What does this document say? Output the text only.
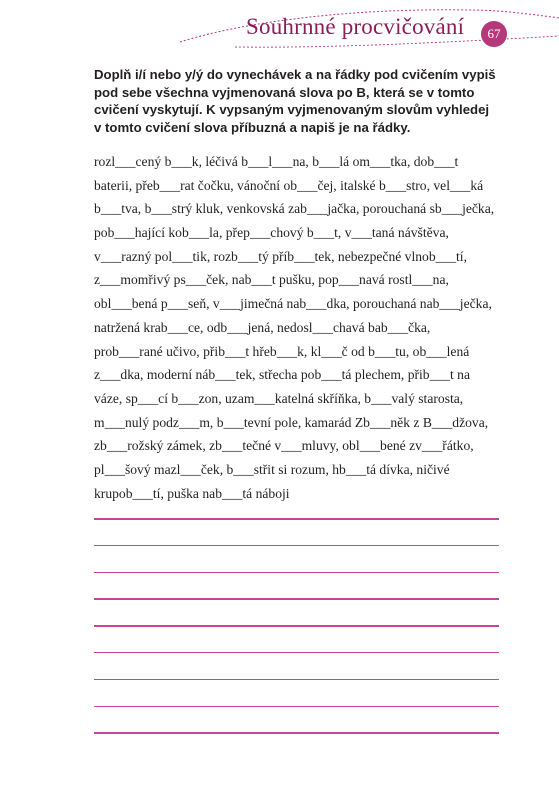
Souhrnné procvičování	67
Doplň i/í nebo y/ý do vynechávek a na řádky pod cvičením vypiš
pod sebe všechna vyjmenovaná slova po B, která se v tomto
cvičení vyskytují. K vypsaným vyjmenovaným slovům vyhledej
v tomto cvičení slova příbuzná a napiš je na řádky.
rozl___cený b___k, léčivá b___l___na, b___lá om___tka, dob___t
baterii, přeb___rat čočku, vánoční ob___čej, italské b___stro, vel___ká
b___tva, b___strý kluk, venkovská zab___jačka, porouchaná sb___ječka,
pob___hající kob___la, přep___chový b___t, v___taná návštěva,
v___razný pol___tik, rozb___tý příb___tek, nebezpečné vlnob___tí,
z___momřivý ps___ček, nab___t pušku, pop___navá rostl___na,
obl___bená p___seň, v___jimečná nab___dka, porouchaná nab___ječka,
natržená krab___ce, odb___jená, nedosl___chavá bab___čka,
prob___rané učivo, přib___t hřeb___k, kl___č od b___tu, ob___lená
z___dka, moderní náb___tek, střecha pob___tá plechem, přib___t na
váze, sp___cí b___zon, uzam___katelná skříňka, b___valý starosta,
m___nulý podz___m, b___tevní pole, kamarád Zb___něk z B___džova,
zb___rožský zámek, zb___tečné v___mluvy, obl___bené zv___řátko,
pl___šový mazl___ček, b___střit si rozum, hb___tá dívka, ničivé
krupob___tí, puška nab___tá náboji
